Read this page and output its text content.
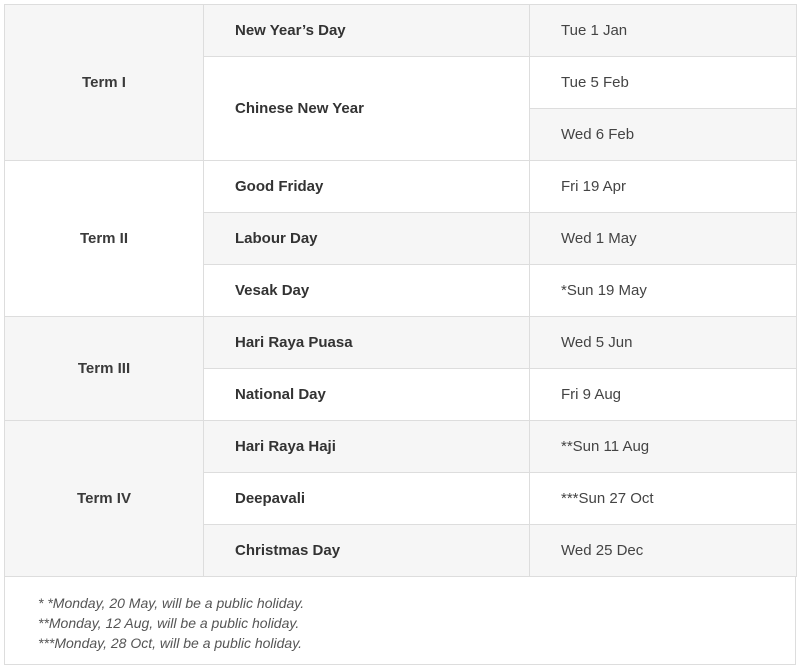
Term I	New Year’s Day	Tue 1 Jan
	Chinese New Year	Tue 5 Feb
		Wed 6 Feb
Term II	Good Friday	Fri 19 Apr
	Labour Day	Wed 1 May
	Vesak Day	*Sun 19 May
Term III	Hari Raya Puasa	Wed 5 Jun
	National Day	Fri 9 Aug
Term IV	Hari Raya Haji	**Sun 11 Aug
	Deepavali	***Sun 27 Oct
	Christmas Day	Wed 25 Dec
* *Monday, 20 May, will be a public holiday.
**Monday, 12 Aug, will be a public holiday.
***Monday, 28 Oct, will be a public holiday.
